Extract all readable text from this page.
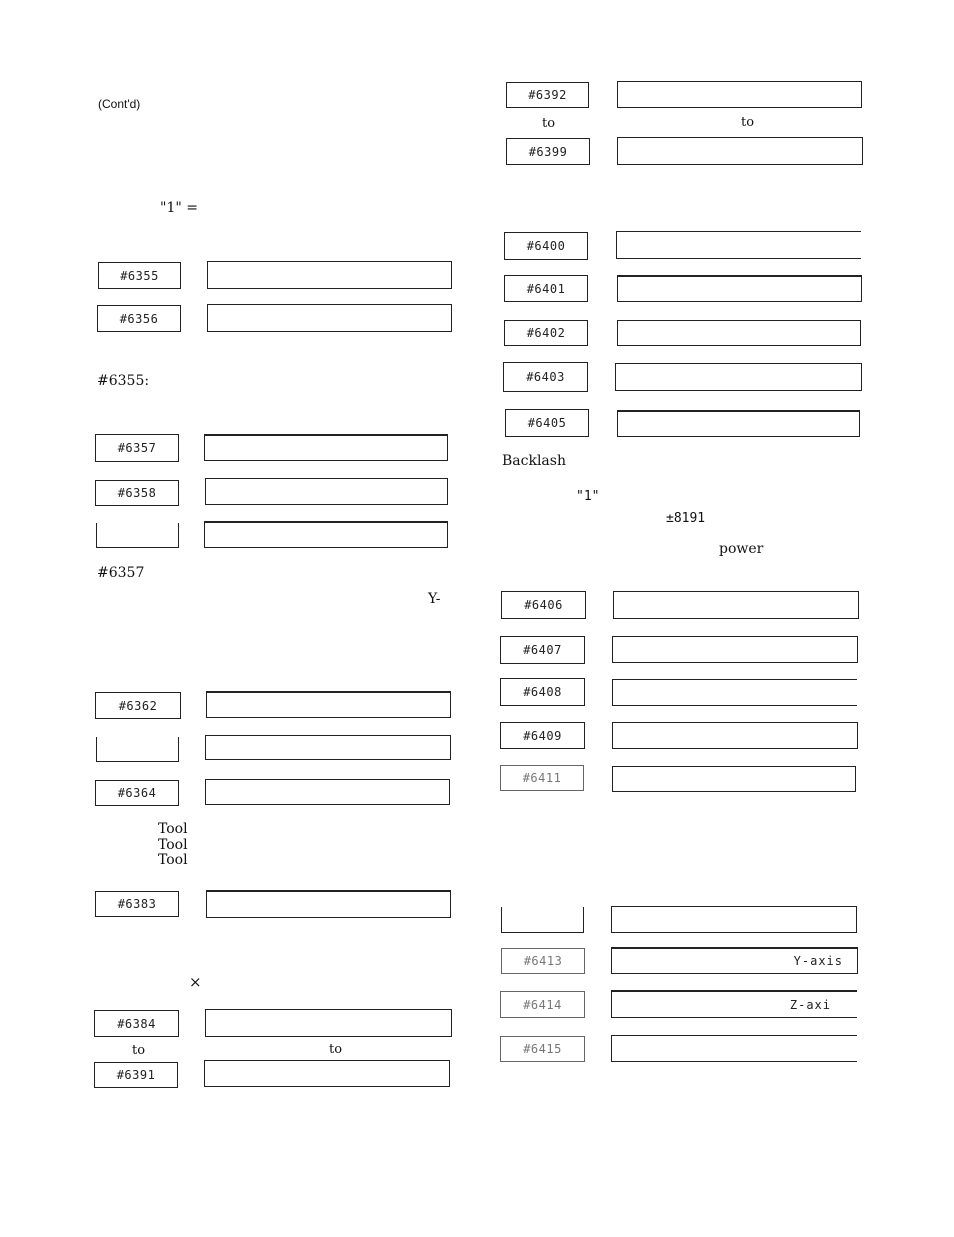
(Cont'd)
"1" =
#6355
#6356
#6355:
#6357
#6358
#6357
Y-
#6362
#6364
Tool
Tool
Tool
#6383
×
#6384
to	to
#6391
#6392
to	to
#6399
#6400
#6401
#6402
#6403
#6405
Backlash
"1"
±8191
power
#6406
#6407
#6408
#6409
#6411
#6413	Y-axis
#6414	Z-axi
#6415
